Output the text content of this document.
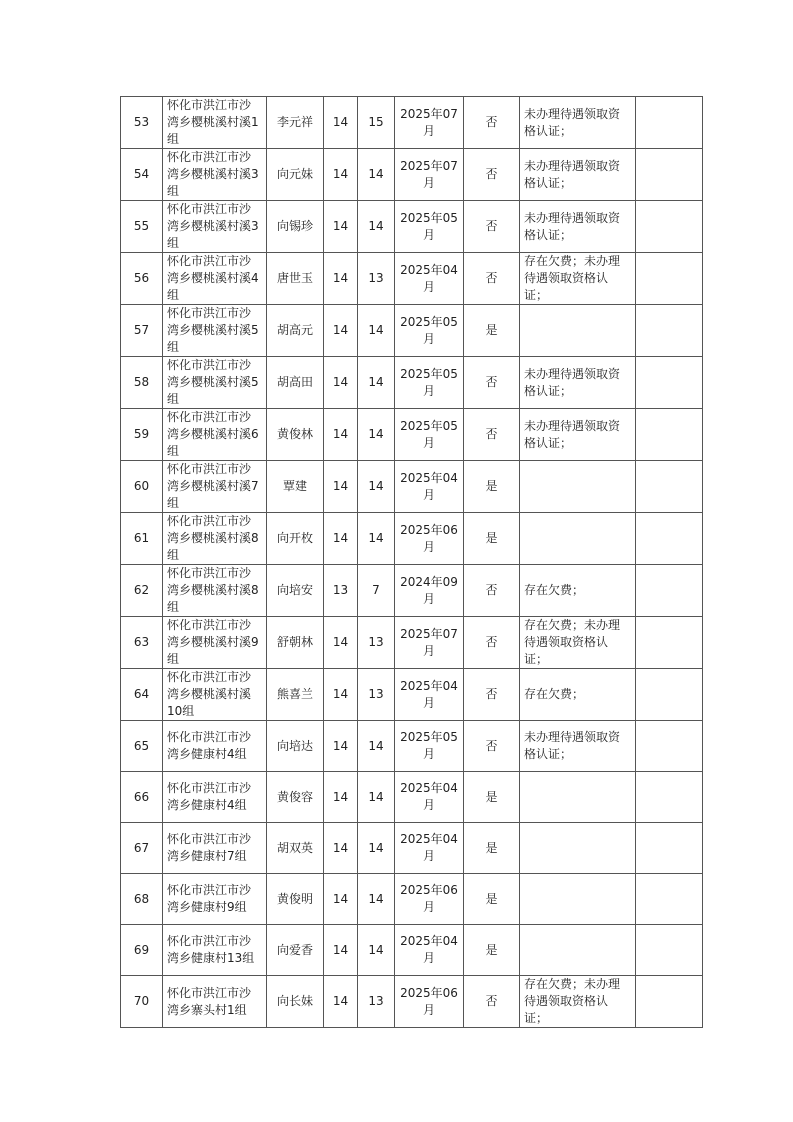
53	怀化市洪江市沙湾乡樱桃溪村溪1组	李元祥	14	15	2025年07月	否	未办理待遇领取资格认证；	
54	怀化市洪江市沙湾乡樱桃溪村溪3组	向元妹	14	14	2025年07月	否	未办理待遇领取资格认证；	
55	怀化市洪江市沙湾乡樱桃溪村溪3组	向锡珍	14	14	2025年05月	否	未办理待遇领取资格认证；	
56	怀化市洪江市沙湾乡樱桃溪村溪4组	唐世玉	14	13	2025年04月	否	存在欠费；未办理待遇领取资格认证；	
57	怀化市洪江市沙湾乡樱桃溪村溪5组	胡高元	14	14	2025年05月	是		
58	怀化市洪江市沙湾乡樱桃溪村溪5组	胡高田	14	14	2025年05月	否	未办理待遇领取资格认证；	
59	怀化市洪江市沙湾乡樱桃溪村溪6组	黄俊林	14	14	2025年05月	否	未办理待遇领取资格认证；	
60	怀化市洪江市沙湾乡樱桃溪村溪7组	覃建	14	14	2025年04月	是		
61	怀化市洪江市沙湾乡樱桃溪村溪8组	向开枚	14	14	2025年06月	是		
62	怀化市洪江市沙湾乡樱桃溪村溪8组	向培安	13	7	2024年09月	否	存在欠费；	
63	怀化市洪江市沙湾乡樱桃溪村溪9组	舒朝林	14	13	2025年07月	否	存在欠费；未办理待遇领取资格认证；	
64	怀化市洪江市沙湾乡樱桃溪村溪10组	熊喜兰	14	13	2025年04月	否	存在欠费；	
65	怀化市洪江市沙湾乡健康村4组	向培达	14	14	2025年05月	否	未办理待遇领取资格认证；	
66	怀化市洪江市沙湾乡健康村4组	黄俊容	14	14	2025年04月	是		
67	怀化市洪江市沙湾乡健康村7组	胡双英	14	14	2025年04月	是		
68	怀化市洪江市沙湾乡健康村9组	黄俊明	14	14	2025年06月	是		
69	怀化市洪江市沙湾乡健康村13组	向爱香	14	14	2025年04月	是		
70	怀化市洪江市沙湾乡寨头村1组	向长妹	14	13	2025年06月	否	存在欠费；未办理待遇领取资格认证；	
